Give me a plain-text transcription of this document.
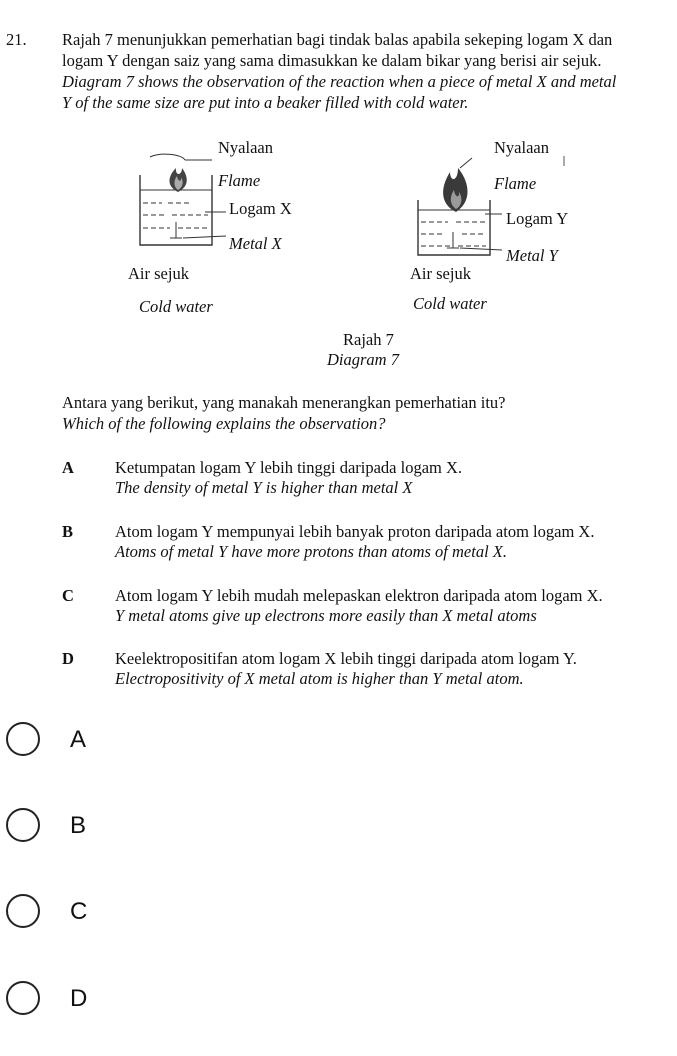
21. Rajah 7 menunjukkan pemerhatian bagi tindak balas apabila sekeping logam X dan
logam Y dengan saiz yang sama dimasukkan ke dalam bikar yang berisi air sejuk.
Diagram 7 shows the observation of the reaction when a piece of metal X and metal
Y of the same size are put into a beaker filled with cold water.
Nyalaan
Flame
Logam X
Metal X
Air sejuk
Cold water
Nyalaan
Flame
Logam Y
Metal Y
Air sejuk
Cold water
Rajah 7
Diagram 7
Antara yang berikut, yang manakah menerangkan pemerhatian itu?
Which of the following explains the observation?
A Ketumpatan logam Y lebih tinggi daripada logam X.
The density of metal Y is higher than metal X
B	Atom logam Y mempunyai lebih banyak proton daripada atom logam X.
Atoms of metal Y have more protons than atoms of metal X.
C Atom logam Y lebih mudah melepaskan elektron daripada atom logam X.
Y metal atoms give up electrons more easily than X metal atoms
D Keelektropositifan atom logam X lebih tinggi daripada atom logam Y.
Electropositivity of X metal atom is higher than Y metal atom.
A
B
C
D
